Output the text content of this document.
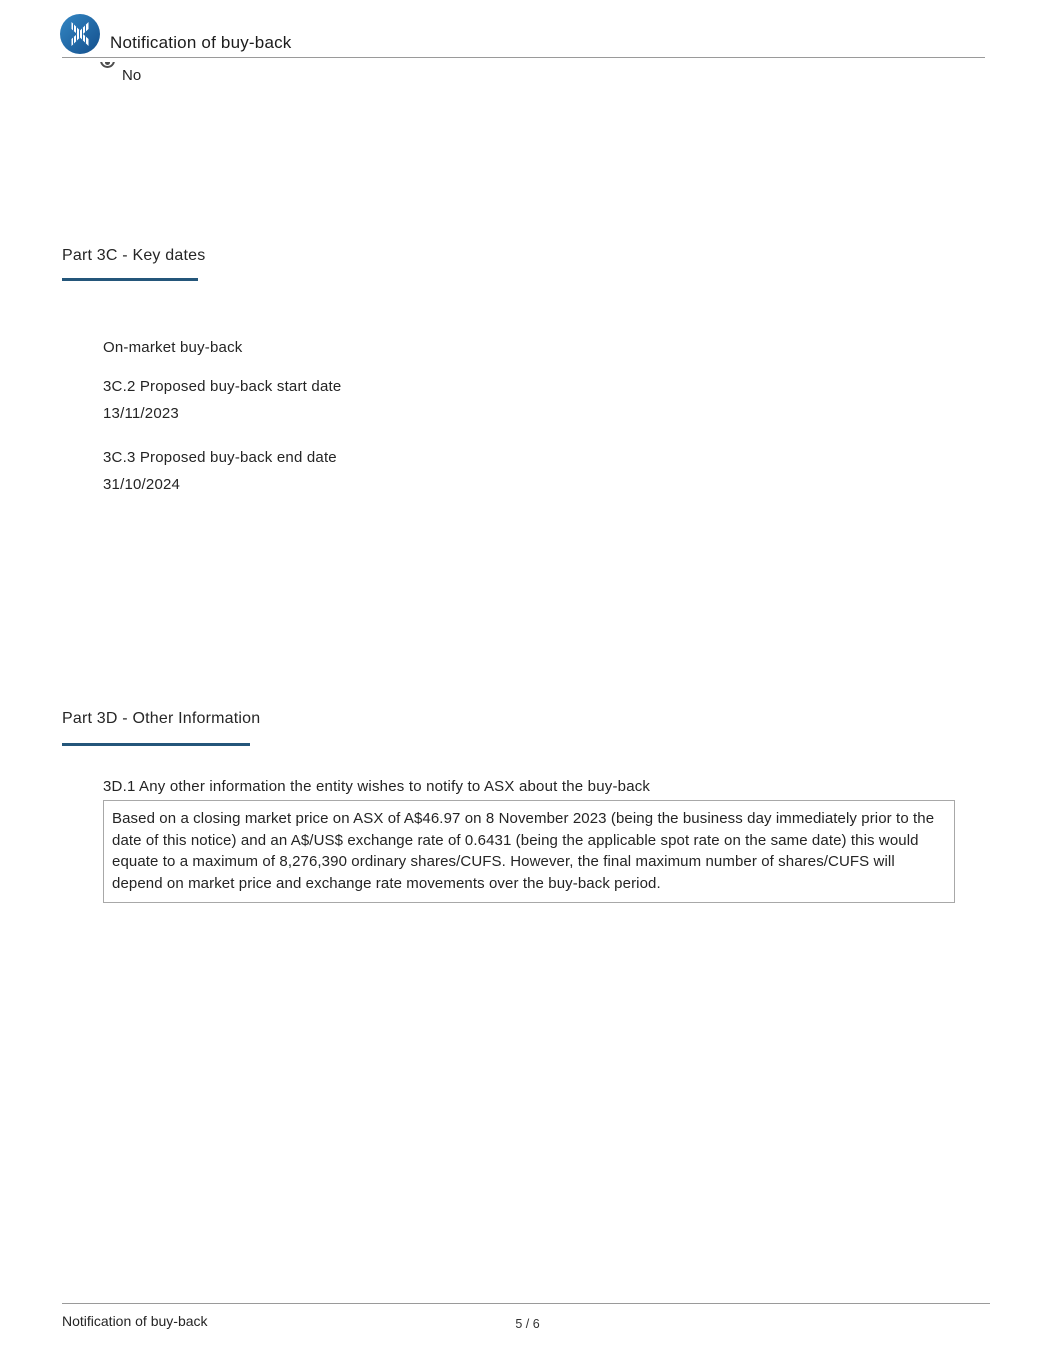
Notification of buy-back
No
Part 3C - Key dates
On-market buy-back
3C.2 Proposed buy-back start date
13/11/2023
3C.3 Proposed buy-back end date
31/10/2024
Part 3D - Other Information
3D.1 Any other information the entity wishes to notify to ASX about the buy-back
Based on a closing market price on ASX of A$46.97 on 8 November 2023 (being the business day immediately prior to the date of this notice) and an A$/US$ exchange rate of 0.6431 (being the applicable spot rate on the same date) this would equate to a maximum of 8,276,390 ordinary shares/CUFS. However, the final maximum number of shares/CUFS will depend on market price and exchange rate movements over the buy-back period.
Notification of buy-back	5 / 6
